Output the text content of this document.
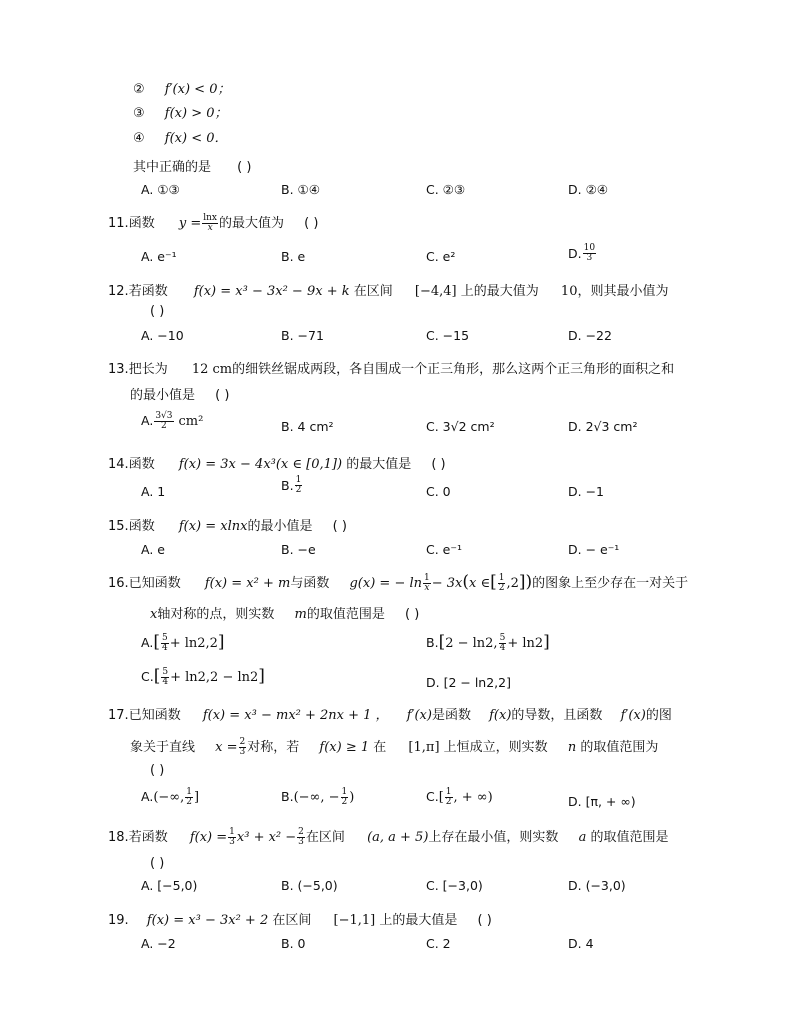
② f′(x) < 0；
③ f(x) > 0；
④ f(x) < 0．
其中正确的是 ( )
A. ①③	B. ①④	C. ②③	D. ②④
11.函数 $y = \frac{\ln x}{x}$ 的最大值为 ( )
A. e⁻¹	B. e	C. e²	D. $\frac{10}{3}$
12.若函数 f(x) = x³ − 3x² − 9x + k 在区间 [−4,4] 上的最大值为 10，则其最小值为
( )
A. −10	B. −71	C. −15	D. −22
13.把长为 12 cm的细铁丝锯成两段，各自围成一个正三角形，那么这两个正三角形的面积之和
的最小值是 ( )
A. $\frac{3√3}{2} cm^2$	B. 4 cm²	C. 3√2 cm²	D. 2√3 cm²
14.函数 f(x) = 3x − 4x³(x ∈ [0,1]) 的最大值是 ( )
A. 1	B. $\frac{1}{2}$	C. 0	D. −1
15.函数 f(x) = xlnx的最小值是 ( )
A. e	B. −e	C. e⁻¹	D. − e⁻¹
16.已知函数 f(x) = x² + m与函数 g(x) = − $\ln \frac{1}{x} - 3x(x$ ∈[ $\frac{1}{2} ,2$])的图象上至少存在一对关于
x轴对称的点，则实数 m的取值范围是 ( )
$A.[ \frac{5}{4} + \ln 2,2]$	B.[2 − ln2, $\frac{5}{4} + \ln 2$]
$C.[ \frac{5}{4} + \ln 2,2 - \ln 2]$	D. [2 − ln2,2]
17.已知函数 f(x) = x³ − mx² + 2nx + 1 ， f′(x)是函数 f(x)的导数，且函数 f′(x)的图
象关于直线 $x = \frac{2}{3}$ 对称，若 f(x) ≥ 1 在 [1,π] 上恒成立，则实数 n 的取值范围为
( )
A.(−∞, $\frac{1}{2}$ ]	B.(−∞, − $\frac{1}{2}$ )	$C.[ \frac{1}{2}$ , + ∞)	D. [π, + ∞)
18.若函数 $f(x) = \frac{1}{3} x^3 + x^2 - \frac{2}{3}$ 在区间 (a, a + 5)上存在最小值，则实数 a 的取值范围是
( )
A. [−5,0)	B. (−5,0)	C. [−3,0)	D. (−3,0)
19. f(x) = x³ − 3x² + 2 在区间 [−1,1] 上的最大值是 ( )
A. −2	B. 0	C. 2	D. 4
